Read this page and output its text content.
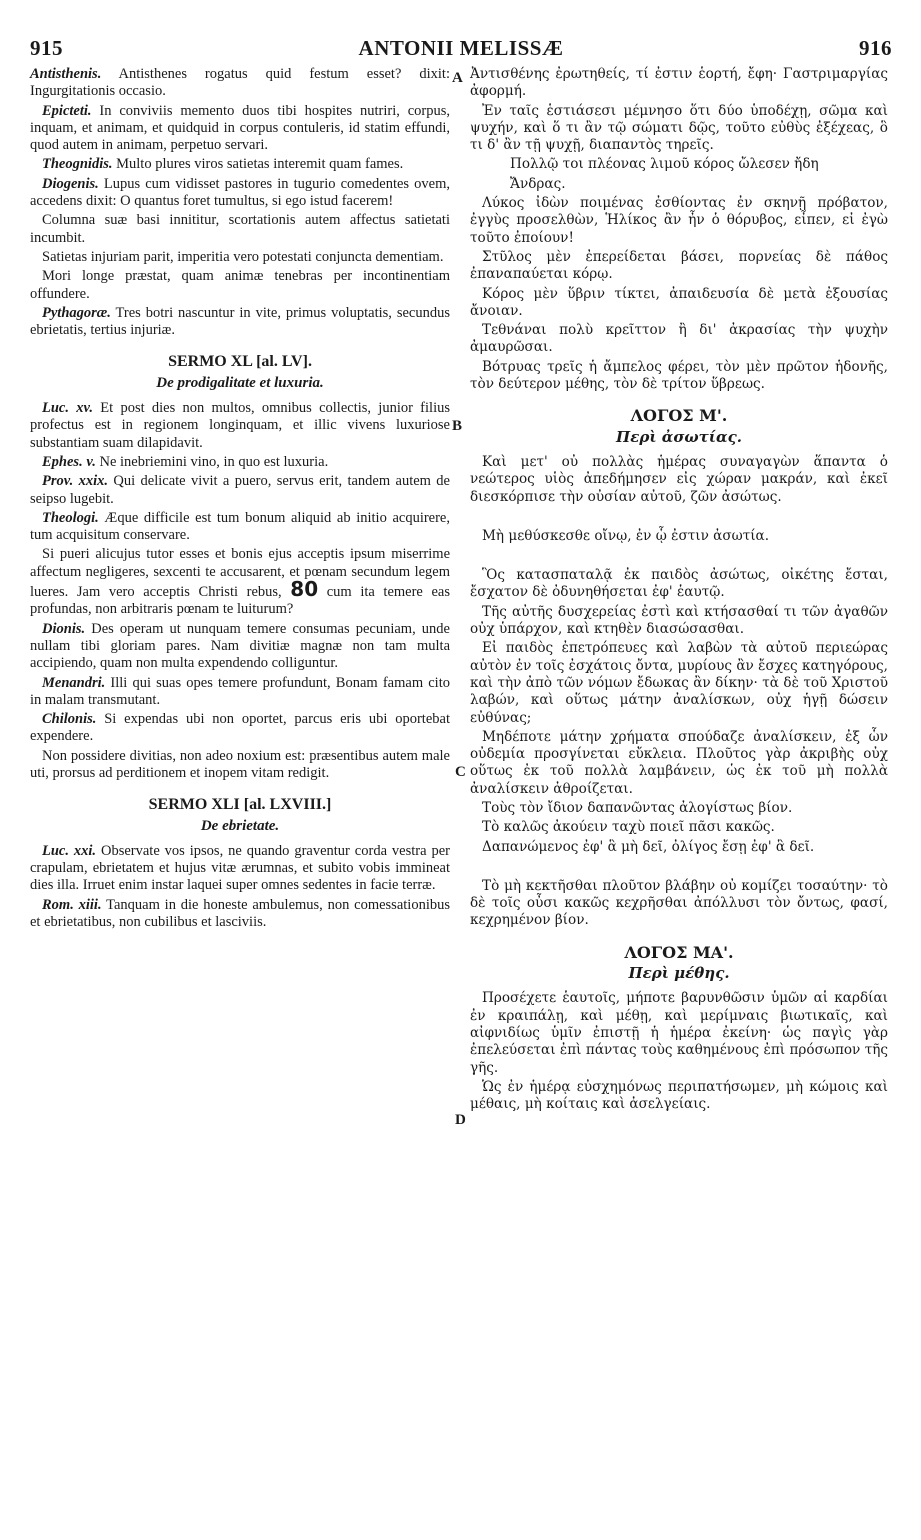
915	ANTONII MELISSÆ	916
A
B
C
D

Antisthenis. Antisthenes rogatus quid festum esset? dixit: Ingurgitationis occasio.

Epicteti. In conviviis memento duos tibi hospites nutriri, corpus, inquam, et animam, et quidquid in corpus contuleris, id statim effundi, quod autem in animam, perpetuo servari.

Theognidis. Multo plures viros satietas interemit quam fames.

Diogenis. Lupus cum vidisset pastores in tugurio comedentes ovem, accedens dixit: O quantus foret tumultus, si ego istud facerem!

Columna suæ basi innititur, scortationis autem affectus satietati incumbit.

Satietas injuriam parit, imperitia vero potestati conjuncta dementiam.

Mori longe præstat, quam animæ tenebras per incontinentiam offundere.

Pythagoræ. Tres botri nascuntur in vite, primus voluptatis, secundus ebrietatis, tertius injuriæ.

SERMO XL [al. LV].
De prodigalitate et luxuria.

Luc. xv. Et post dies non multos, omnibus collectis, junior filius profectus est in regionem longinquam, et illic vivens luxuriose substantiam suam dilapidavit.

Ephes. v. Ne inebriemini vino, in quo est luxuria.

Prov. xxix. Qui delicate vivit a puero, servus erit, tandem autem de seipso lugebit.

Theologi. Æque difficile est tum bonum aliquid ab initio acquirere, tum acquisitum conservare.

Si pueri alicujus tutor esses et bonis ejus acceptis ipsum miserrime affectum negligeres, sexcenti te accusarent, et pœnam secundum legem lueres. Jam vero acceptis Christi rebus, 80 cum ita temere eas profundas, non arbitraris pœnam te luiturum?

Dionis. Des operam ut nunquam temere consumas pecuniam, unde nullam tibi gloriam pares. Nam divitiæ magnæ non tam multa accipiendo, quam non multa expendendo colliguntur.

Menandri. Illi qui suas opes temere profundunt, Bonam famam cito in malam transmutant.

Chilonis. Si expendas ubi non oportet, parcus eris ubi oportebat expendere.

Non possidere divitias, non adeo noxium est: præsentibus autem male uti, prorsus ad perditionem et inopem vitam redigit.

SERMO XLI [al. LXVIII.]
De ebrietate.

Luc. xxi. Observate vos ipsos, ne quando graventur corda vestra per crapulam, ebrietatem et hujus vitæ ærumnas, et subito vobis immineat dies illa. Irruet enim instar laquei super omnes sedentes in facie terræ.

Rom. xiii. Tanquam in die honeste ambulemus, non comessationibus et ebrietatibus, non cubilibus et lasciviis.

Ἀντισθένης ἐρωτηθείς, τί ἐστιν ἑορτή, ἔφη· Γαστριμαργίας ἀφορμή.

Ἐν ταῖς ἑστιάσεσι μέμνησο ὅτι δύο ὑποδέχῃ, σῶμα καὶ ψυχήν, καὶ ὅ τι ἂν τῷ σώματι δῷς, τοῦτο εὐθὺς ἐξέχεας, ὃ τι δ' ἂν τῇ ψυχῇ, διαπαντὸς τηρεῖς.

Πολλῷ τοι πλέονας λιμοῦ κόρος ὤλεσεν ἤδη

Ἄνδρας.

Λύκος ἰδὼν ποιμένας ἐσθίοντας ἐν σκηνῇ πρόβατον, ἐγγὺς προσελθὼν, Ἡλίκος ἂν ἦν ὁ θόρυβος, εἶπεν, εἰ ἐγὼ τοῦτο ἐποίουν!

Στῦλος μὲν ἐπερείδεται βάσει, πορνείας δὲ πάθος ἐπαναπαύεται κόρῳ.

Κόρος μὲν ὕβριν τίκτει, ἀπαιδευσία δὲ μετὰ ἐξουσίας ἄνοιαν.

Τεθνάναι πολὺ κρεῖττον ἢ δι' ἀκρασίας τὴν ψυχὴν ἀμαυρῶσαι.

Βότρυας τρεῖς ἡ ἄμπελος φέρει, τὸν μὲν πρῶτον ἡδονῆς, τὸν δεύτερον μέθης, τὸν δὲ τρίτον ὕβρεως.

ΛΟΓΟΣ Μ'.
Περὶ ἀσωτίας.

Καὶ μετ' οὐ πολλὰς ἡμέρας συναγαγὼν ἅπαντα ὁ νεώτερος υἱὸς ἀπεδήμησεν εἰς χώραν μακράν, καὶ ἐκεῖ διεσκόρπισε τὴν οὐσίαν αὐτοῦ, ζῶν ἀσώτως.

Μὴ μεθύσκεσθε οἴνῳ, ἐν ᾧ ἐστιν ἀσωτία.

Ὃς κατασπαταλᾷ ἐκ παιδὸς ἀσώτως, οἰκέτης ἔσται, ἔσχατον δὲ ὀδυνηθήσεται ἐφ' ἑαυτῷ.

Τῆς αὐτῆς δυσχερείας ἐστὶ καὶ κτήσασθαί τι τῶν ἀγαθῶν οὐχ ὑπάρχον, καὶ κτηθὲν διασώσασθαι.

Εἰ παιδὸς ἐπετρόπευες καὶ λαβὼν τὰ αὐτοῦ περιεώρας αὐτὸν ἐν τοῖς ἐσχάτοις ὄντα, μυρίους ἂν ἔσχες κατηγόρους, καὶ τὴν ἀπὸ τῶν νόμων ἔδωκας ἂν δίκην· τὰ δὲ τοῦ Χριστοῦ λαβών, καὶ οὕτως μάτην ἀναλίσκων, οὐχ ἡγῇ δώσειν εὐθύνας;

Μηδέποτε μάτην χρήματα σπούδαζε ἀναλίσκειν, ἐξ ὧν οὐδεμία προσγίνεται εὔκλεια. Πλοῦτος γὰρ ἀκριβὴς οὐχ οὕτως ἐκ τοῦ πολλὰ λαμβάνειν, ὡς ἐκ τοῦ μὴ πολλὰ ἀναλίσκειν ἀθροίζεται.

Τοὺς τὸν ἴδιον δαπανῶντας ἀλογίστως βίον.

Τὸ καλῶς ἀκούειν ταχὺ ποιεῖ πᾶσι κακῶς.

Δαπανώμενος ἐφ' ἃ μὴ δεῖ, ὀλίγος ἔσῃ ἐφ' ἃ δεῖ.

Τὸ μὴ κεκτῆσθαι πλοῦτον βλάβην οὐ κομίζει τοσαύτην· τὸ δὲ τοῖς οὖσι κακῶς κεχρῆσθαι ἀπόλλυσι τὸν ὄντως, φασί, κεχρημένον βίον.

ΛΟΓΟΣ ΜΑ'.
Περὶ μέθης.

Προσέχετε ἑαυτοῖς, μήποτε βαρυνθῶσιν ὑμῶν αἱ καρδίαι ἐν κραιπάλῃ, καὶ μέθῃ, καὶ μερίμναις βιωτικαῖς, καὶ αἰφνιδίως ὑμῖν ἐπιστῇ ἡ ἡμέρα ἐκείνη· ὡς παγὶς γὰρ ἐπελεύσεται ἐπὶ πάντας τοὺς καθημένους ἐπὶ πρόσωπον τῆς γῆς.

Ὡς ἐν ἡμέρᾳ εὐσχημόνως περιπατήσωμεν, μὴ κώμοις καὶ μέθαις, μὴ κοίταις καὶ ἀσελγείαις.
